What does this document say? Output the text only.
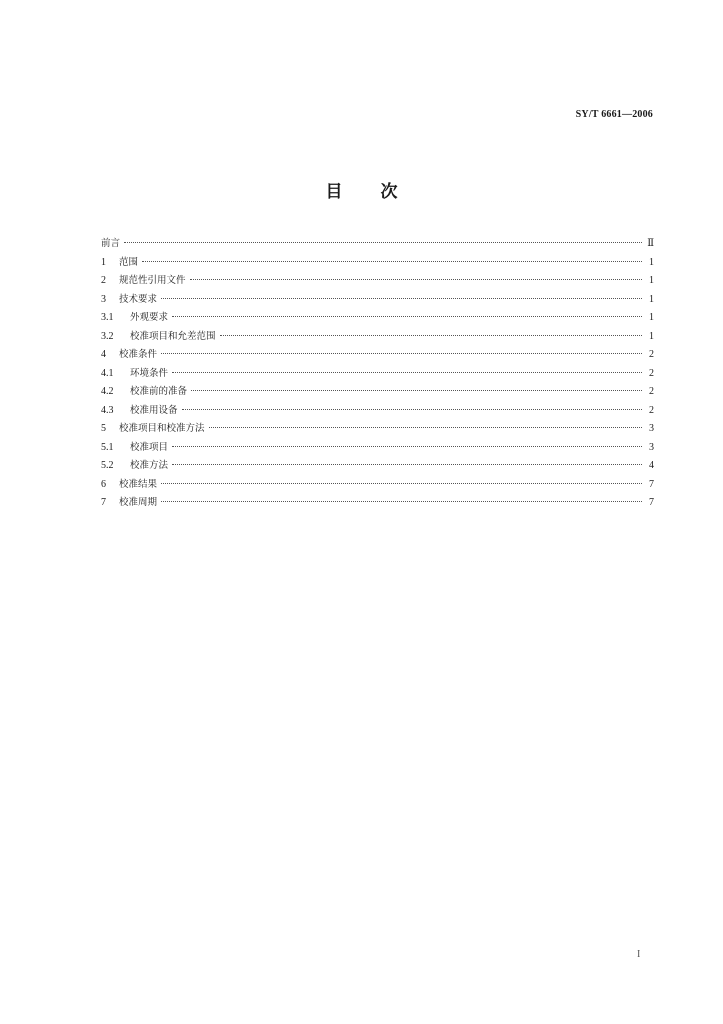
SY/T 6661—2006
目次
前言	Ⅱ
1	范围	1
2	规范性引用文件	1
3	技术要求	1
3.1	外观要求	1
3.2	校准项目和允差范围	1
4	校准条件	2
4.1	环境条件	2
4.2	校准前的准备	2
4.3	校准用设备	2
5	校准项目和校准方法	3
5.1	校准项目	3
5.2	校准方法	4
6	校准结果	7
7	校准周期	7
I
